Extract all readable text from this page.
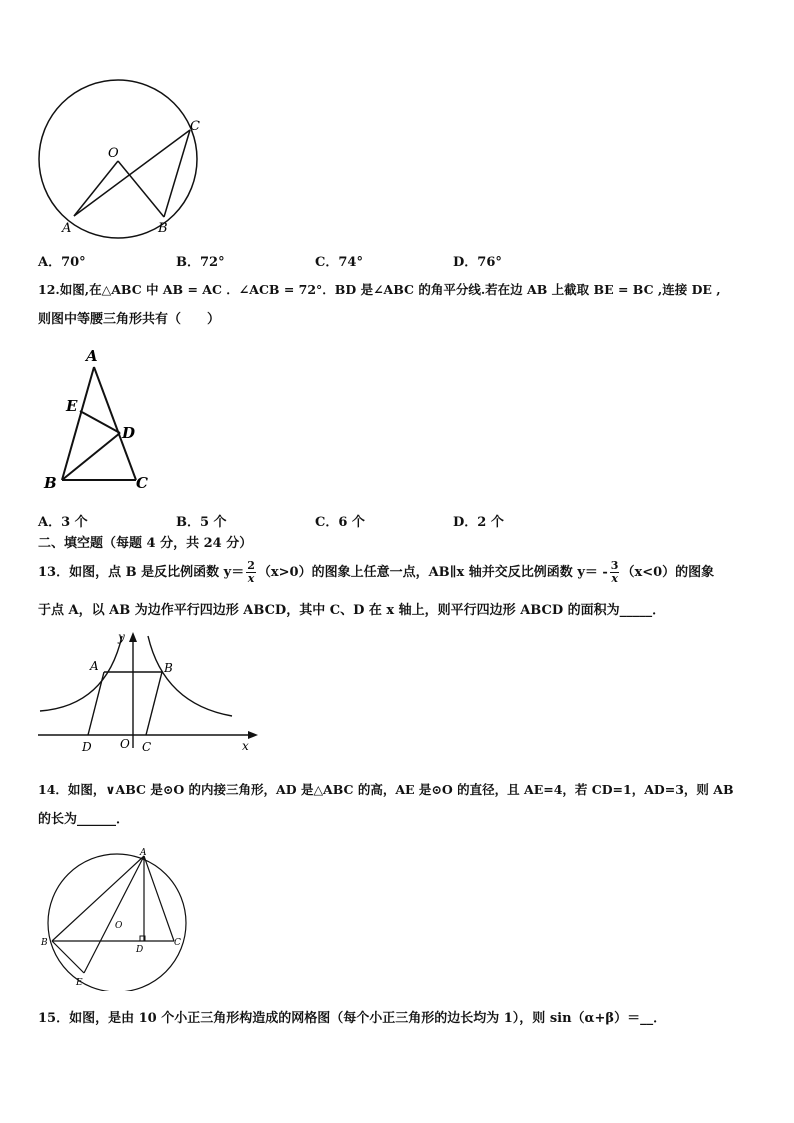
O
A	B
C
A．70°	B．72°	C．74°	D．76°
12.如图,在△ABC 中 AB = AC ．∠ACB = 72°．BD 是∠ABC 的角平分线.若在边 AB 上截取 BE = BC ,连接 DE ,
则图中等腰三角形共有（　　）
A
E
D
B	C
A．3 个	B．5 个	C．6 个	D．2 个
二、填空题（每题 4 分，共 24 分）
13．如图，点 B 是反比例函数 $y= \frac{2}{x} (x>0)$的图象上任意一点，AB∥x 轴并交反比例函数 $y= - \frac{3}{x} (x<0)$的图象
于点 A，以 AB 为边作平行四边形 ABCD，其中 C、D 在 x 轴上，则平行四边形 ABCD 的面积为_____．
y
A	B
D O C	x
14．如图，∨ABC 是⊙O 的内接三角形，AD 是△ABC 的高，AE 是⊙O 的直径，且 AE=4，若 CD=1，AD=3，则 AB
的长为______．
A
O
B
D
C
E
15．如图，是由 10 个小正三角形构造成的网格图（每个小正三角形的边长均为 1），则 sin（α+β）＝__．
